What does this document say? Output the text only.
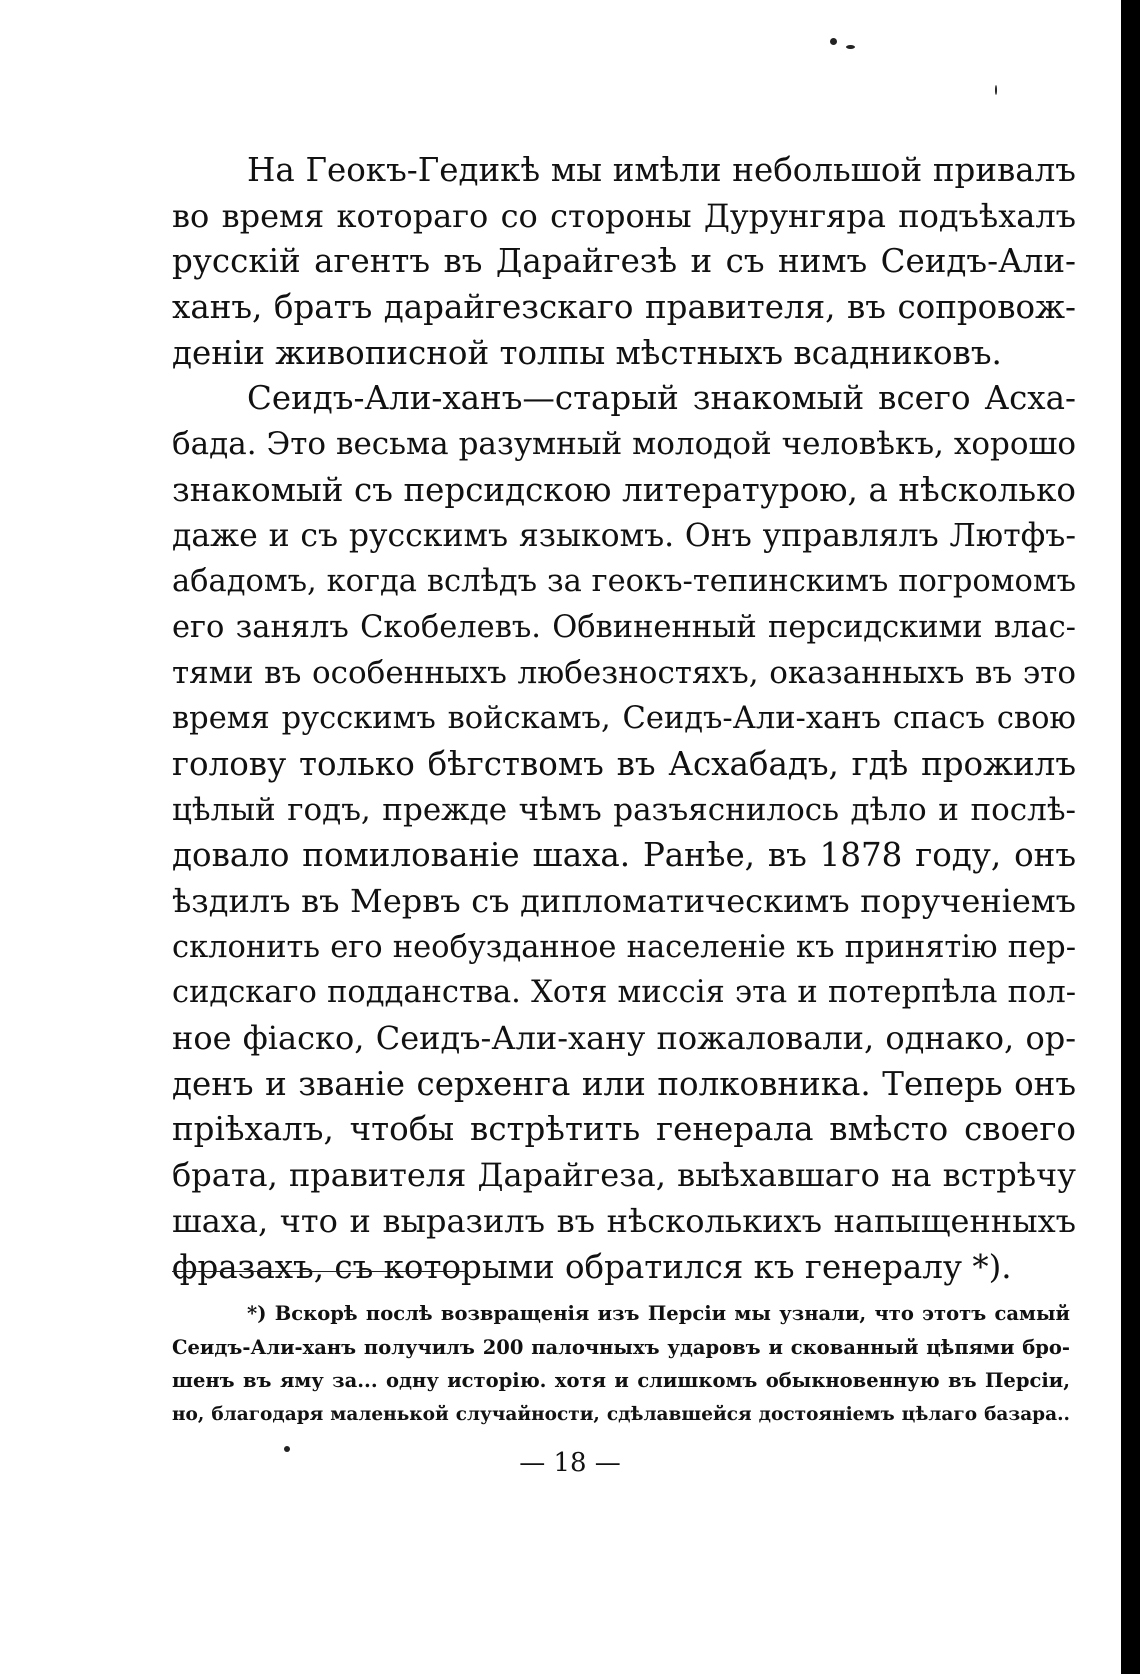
На Геокъ-Гедикѣ мы имѣли небольшой привалъ
во время котораго со стороны Дурунгяра подъѣхалъ
русскій агентъ въ Дарайгезѣ и съ нимъ Сеидъ-Али-
ханъ, братъ дарайгезскаго правителя, въ сопровож-
деніи живописной толпы мѣстныхъ всадниковъ.
Сеидъ-Али-ханъ—старый знакомый всего Асха-
бада. Это весьма разумный молодой человѣкъ, хорошо
знакомый съ персидскою литературою, а нѣсколько
даже и съ русскимъ языкомъ. Онъ управлялъ Лютфъ-
абадомъ, когда вслѣдъ за геокъ-тепинскимъ погромомъ
его занялъ Скобелевъ. Обвиненный персидскими влас-
тями въ особенныхъ любезностяхъ, оказанныхъ въ это
время русскимъ войскамъ, Сеидъ-Али-ханъ спасъ свою
голову только бѣгствомъ въ Асхабадъ, гдѣ прожилъ
цѣлый годъ, прежде чѣмъ разъяснилось дѣло и послѣ-
довало помилованіе шаха. Ранѣе, въ 1878 году, онъ
ѣздилъ въ Мервъ съ дипломатическимъ порученіемъ
склонить его необузданное населеніе къ принятію пер-
сидскаго подданства. Хотя миссія эта и потерпѣла пол-
ное фіаско, Сеидъ-Али-хану пожаловали, однако, ор-
денъ и званіе серхенга или полковника. Теперь онъ
пріѣхалъ, чтобы встрѣтить генерала вмѣсто своего
брата, правителя Дарайгеза, выѣхавшаго на встрѣчу
шаха, что и выразилъ въ нѣсколькихъ напыщенныхъ
фразахъ, съ которыми обратился къ генералу *).
*) Вскорѣ послѣ возвращенія изъ Персіи мы узнали, что этотъ самый
Сеидъ-Али-ханъ получилъ 200 палочныхъ ударовъ и скованный цѣпями бро-
шенъ въ яму за... одну исторію. хотя и слишкомъ обыкновенную въ Персіи,
но, благодаря маленькой случайности, сдѣлавшейся достояніемъ цѣлаго базара..
— 18 —
